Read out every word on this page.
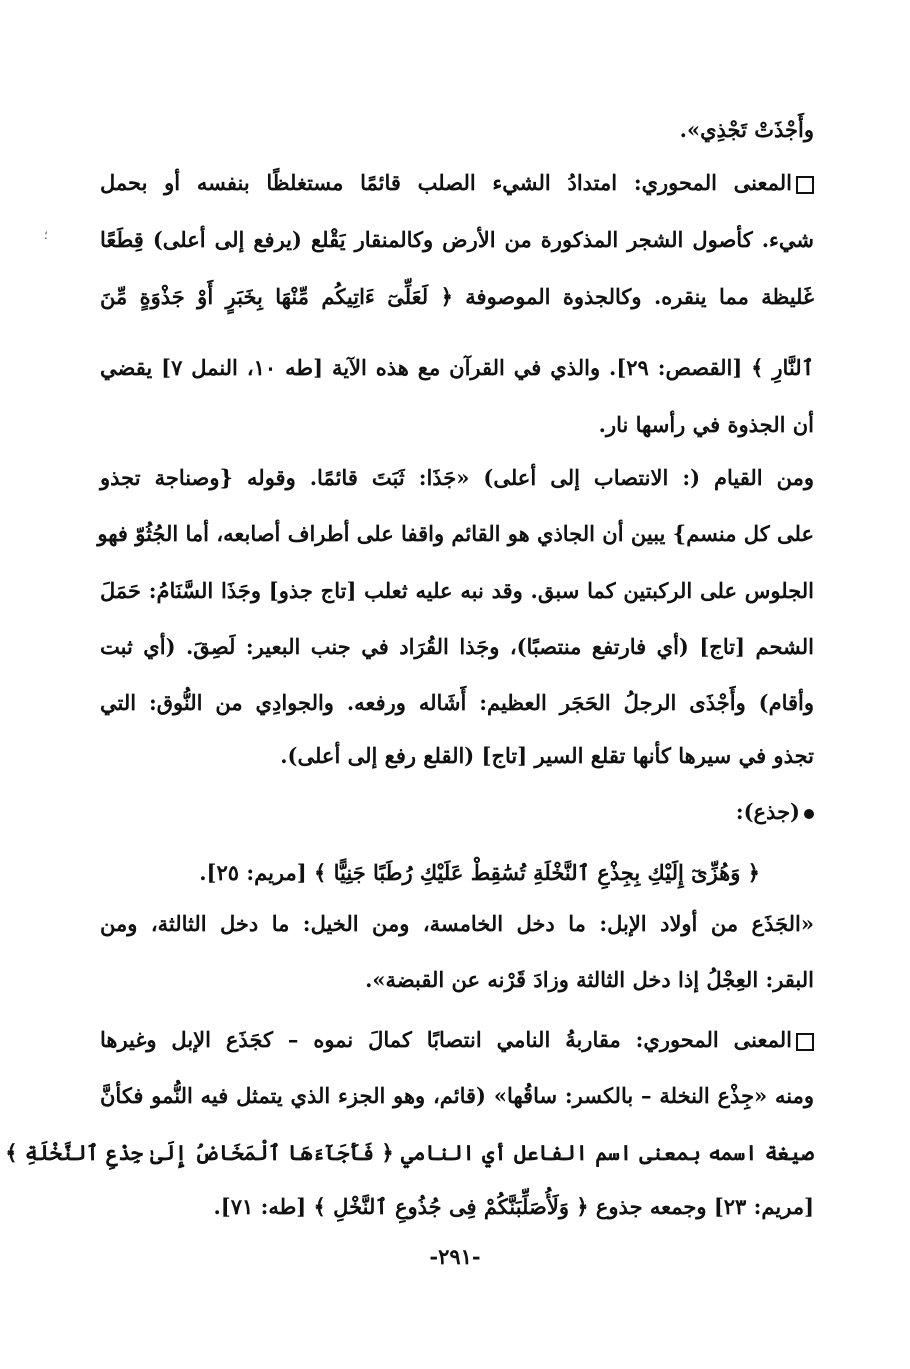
؛
وأَجْذَتْ تَجْذِي».
المعنى المحوري: امتدادُ الشيء الصلب قائمًا مستغلظًا بنفسه أو بحمل
شيء. كأصول الشجر المذكورة من الأرض وكالمنقار يَقْلع (يرفع إلى أعلى) قِطَعًا
غَليظة مما ينقره. وكالجذوة الموصوفة ﴿ لَعَلِّىٓ ءَاتِيكُم مِّنْهَا بِخَبَرٍ أَوْ جَذْوَةٍ مِّنَ
ٱلنَّارِ ﴾ [القصص: ٢٩]. والذي في القرآن مع هذه الآية [طه ١٠، النمل ٧] يقضي
أن الجذوة في رأسها نار.
ومن القيام (: الانتصاب إلى أعلى) «جَذَا: ثَبَتَ قائمًا. وقوله {وصناجة تجذو
على كل منسم} يبين أن الجاذي هو القائم واقفا على أطراف أصابعه، أما الجُثُوّ فهو
الجلوس على الركبتين كما سبق. وقد نبه عليه ثعلب [تاج جذو] وجَذَا السَّنَامُ: حَمَلَ
الشحم [تاج] (أي فارتفع منتصبًا)، وجَذا القُرَاد في جنب البعير: لَصِقَ. (أي ثبت
وأقام) وأَجْذَى الرجلُ الحَجَر العظيم: أَشَاله ورفعه. والجوادِي من النُّوق: التي
تجذو في سيرها كأنها تقلع السير [تاج] (القلع رفع إلى أعلى).
(جذع):
﴿ وَهُزِّىٓ إِلَيْكِ بِجِذْعِ ٱلنَّخْلَةِ تُسَٰقِطْ عَلَيْكِ رُطَبًا جَنِيًّا ﴾ [مريم: ٢٥].
«الجَذَع من أولاد الإبل: ما دخل الخامسة، ومن الخيل: ما دخل الثالثة، ومن
البقر: العِجْلُ إذا دخل الثالثة وزادَ قَرْنه عن القبضة».
المعنى المحوري: مقاربةُ النامي انتصابًا كمالَ نموه – كجَذَع الإبل وغيرها
ومنه «جِذْع النخلة – بالكسر: ساقُها» (قائم، وهو الجزء الذي يتمثل فيه النُّمو فكأنَّ
صيغة اسمه بمعنى اسم الفاعل أي النامي ﴿ فَأَجَآءَهَا ٱلْمَخَاضُ إِلَىٰ جِذْعِ ٱلنَّخْلَةِ ﴾
[مريم: ٢٣] وجمعه جذوع ﴿ وَلَأُصَلِّبَنَّكُمْ فِى جُذُوعِ ٱلنَّخْلِ ﴾ [طه: ٧١].
-٢٩١-
